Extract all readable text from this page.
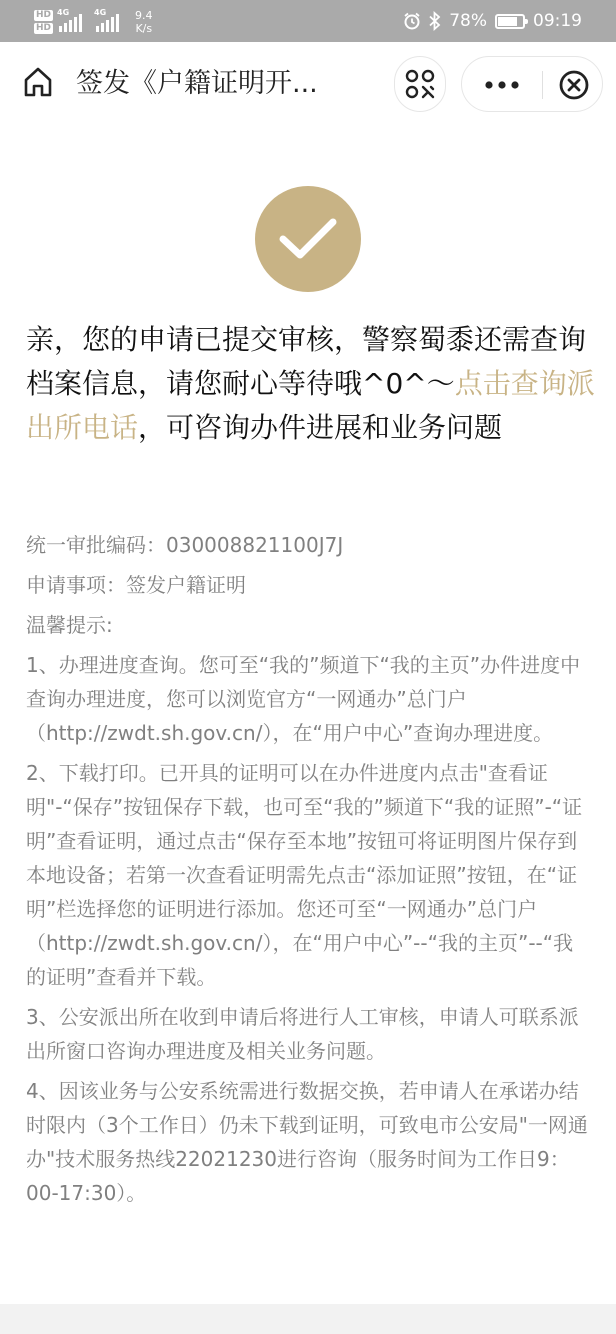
HD
HD
4G	4G	9.4
K/s	78%	09:19
签发《户籍证明开...
亲，您的申请已提交审核，警察蜀黍还需查询档案信息，请您耐心等待哦^0^～点击查询派出所电话，可咨询办件进展和业务问题

统一审批编码：030008821100J7J

申请事项：签发户籍证明

温馨提示:

1、办理进度查询。您可至“我的”频道下“我的主页”办件进度中查询办理进度，您可以浏览官方“一网通办”总门户（http://zwdt.sh.gov.cn/），在“用户中心”查询办理进度。

2、下载打印。已开具的证明可以在办件进度内点击"查看证明"-“保存”按钮保存下载，也可至“我的”频道下“我的证照”-“证明”查看证明，通过点击“保存至本地”按钮可将证明图片保存到本地设备；若第一次查看证明需先点击“添加证照”按钮，在“证明”栏选择您的证明进行添加。您还可至“一网通办”总门户（http://zwdt.sh.gov.cn/），在“用户中心”--“我的主页”--“我的证明”查看并下载。

3、公安派出所在收到申请后将进行人工审核，申请人可联系派出所窗口咨询办理进度及相关业务问题。

4、因该业务与公安系统需进行数据交换，若申请人在承诺办结时限内（3个工作日）仍未下载到证明，可致电市公安局"一网通办"技术服务热线22021230进行咨询（服务时间为工作日9：00-17:30）。
